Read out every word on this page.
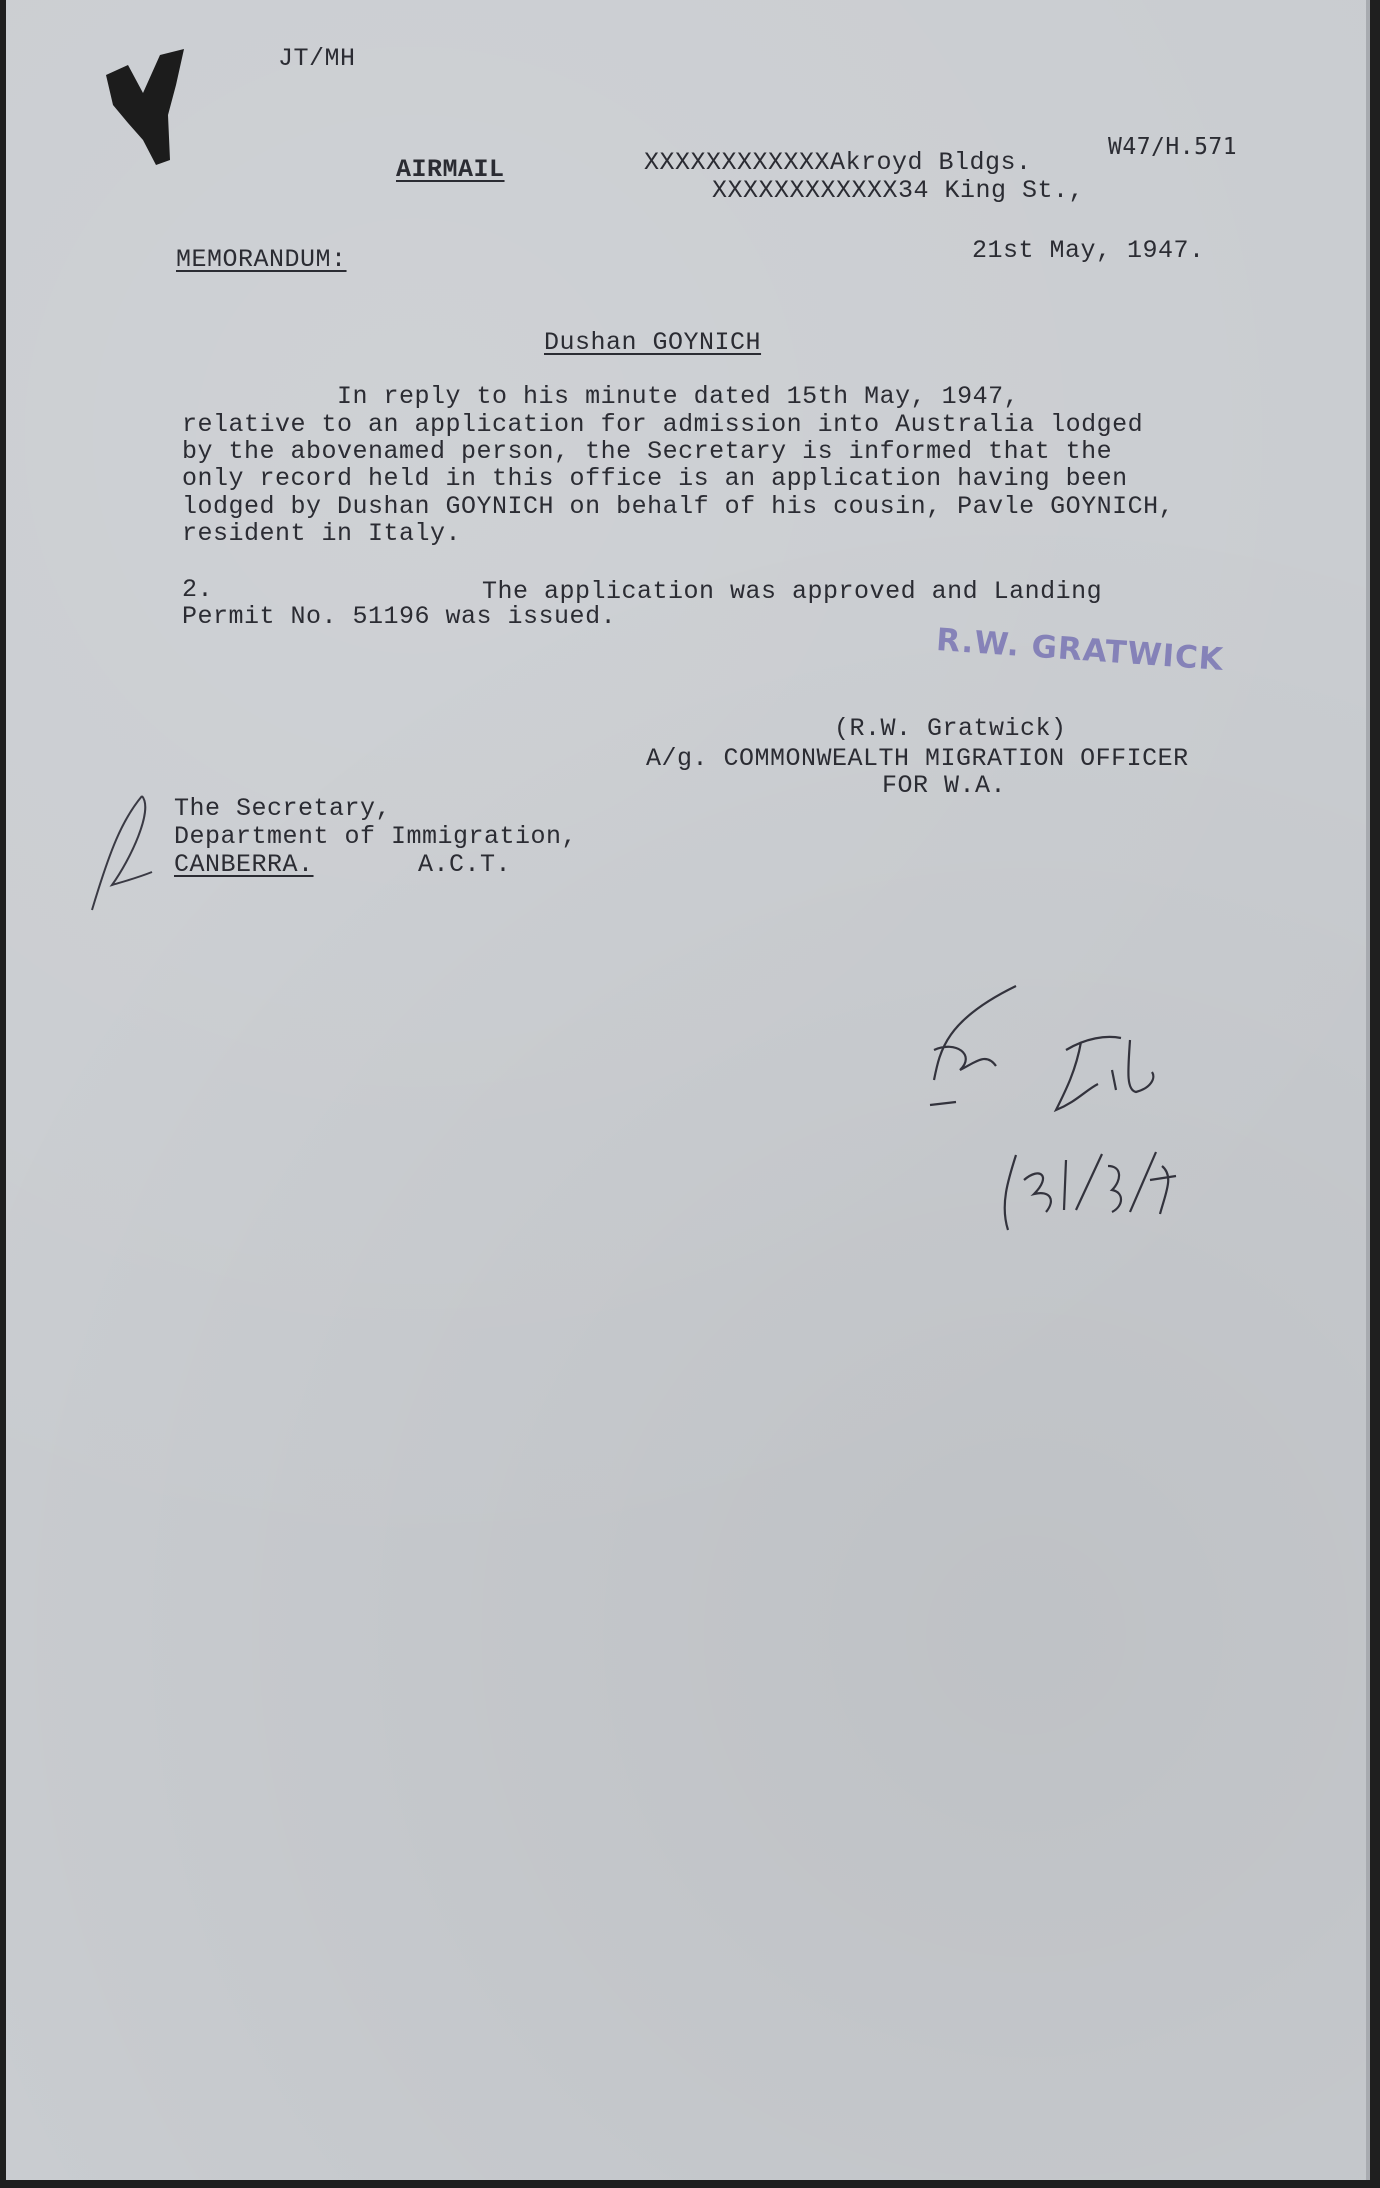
JT/MH
AIRMAIL	XXXXXXXXXXXXAkroyd Bldgs.
XXXXXXXXXXXX34 King St.,
W47/H.571
MEMORANDUM:	21st May, 1947.
Dushan GOYNICH
In reply to his minute dated 15th May, 1947,
relative to an application for admission into Australia lodged
by the abovenamed person, the Secretary is informed that the
only record held in this office is an application having been
lodged by Dushan GOYNICH on behalf of his cousin, Pavle GOYNICH,
resident in Italy.
2.	The application was approved and Landing
Permit No. 51196 was issued.
R.W. GRATWICK
(R.W. Gratwick)
A/g. COMMONWEALTH MIGRATION OFFICER
FOR W.A.
The Secretary,
Department of Immigration,
CANBERRA.	A.C.T.
